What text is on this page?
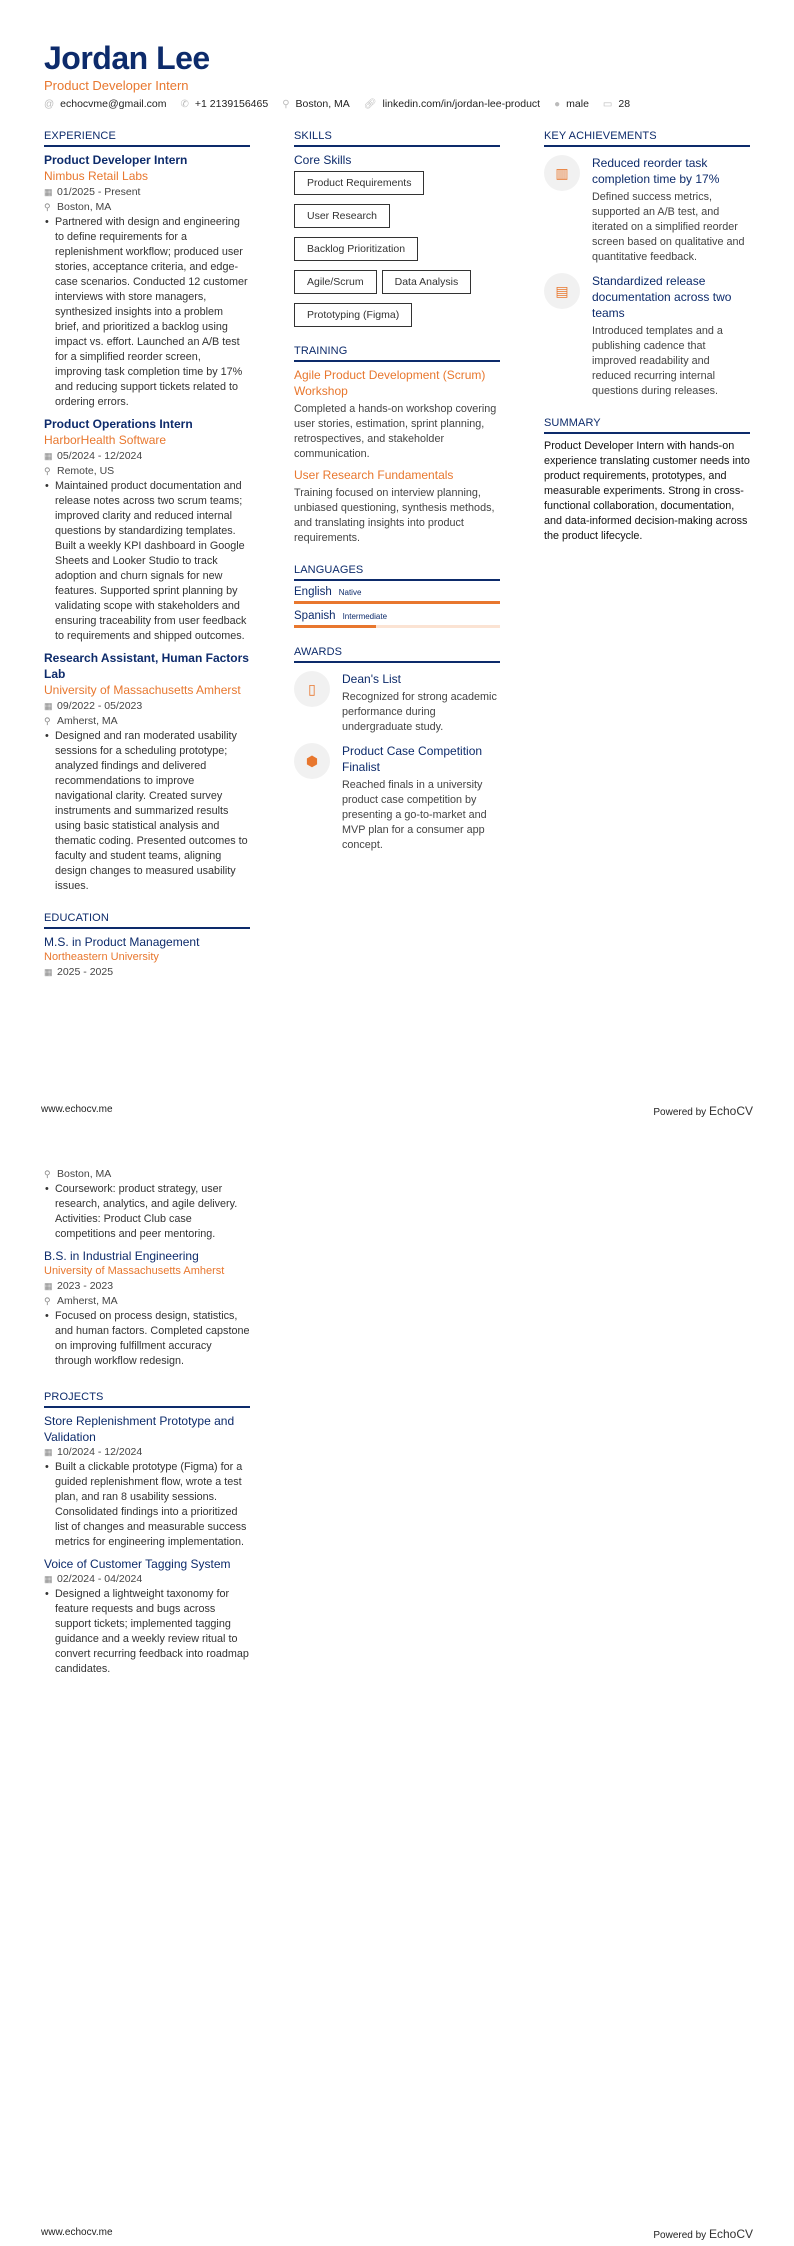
Jordan Lee
Product Developer Intern
@ echocvme@gmail.com ✆ +1 2139156465 ⚲ Boston, MA 🔗︎ linkedin.com/in/jordan-lee-product ● male ▭ 28
EXPERIENCE
Product Developer Intern
Nimbus Retail Labs
▦ 01/2025 - Present
⚲ Boston, MA
• Partnered with design and engineering to define requirements for a replenishment workflow; produced user stories, acceptance criteria, and edge-case scenarios. Conducted 12 customer interviews with store managers, synthesized insights into a problem brief, and prioritized a backlog using impact vs. effort. Launched an A/B test for a simplified reorder screen, improving task completion time by 17% and reducing support tickets related to ordering errors.
Product Operations Intern
HarborHealth Software
▦ 05/2024 - 12/2024
⚲ Remote, US
• Maintained product documentation and release notes across two scrum teams; improved clarity and reduced internal questions by standardizing templates. Built a weekly KPI dashboard in Google Sheets and Looker Studio to track adoption and churn signals for new features. Supported sprint planning by validating scope with stakeholders and ensuring traceability from user feedback to requirements and shipped outcomes.
Research Assistant, Human Factors Lab
University of Massachusetts Amherst
▦ 09/2022 - 05/2023
⚲ Amherst, MA
• Designed and ran moderated usability sessions for a scheduling prototype; analyzed findings and delivered recommendations to improve navigational clarity. Created survey instruments and summarized results using basic statistical analysis and thematic coding. Presented outcomes to faculty and student teams, aligning design changes to measured usability issues.
EDUCATION
M.S. in Product Management
Northeastern University
▦ 2025 - 2025
SKILLS
Core Skills
Product Requirements
User Research
Backlog Prioritization
Agile/Scrum	Data Analysis
Prototyping (Figma)
TRAINING
Agile Product Development (Scrum) Workshop
Completed a hands-on workshop covering user stories, estimation, sprint planning, retrospectives, and stakeholder communication.
User Research Fundamentals
Training focused on interview planning, unbiased questioning, synthesis methods, and translating insights into product requirements.
LANGUAGES
English Native
Spanish Intermediate
AWARDS
▯
Dean's List
Recognized for strong academic performance during undergraduate study.
⬢
Product Case Competition Finalist
Reached finals in a university product case competition by presenting a go-to-market and MVP plan for a consumer app concept.
KEY ACHIEVEMENTS
▥
Reduced reorder task completion time by 17%
Defined success metrics, supported an A/B test, and iterated on a simplified reorder screen based on qualitative and quantitative feedback.
▤
Standardized release documentation across two teams
Introduced templates and a publishing cadence that improved readability and reduced recurring internal questions during releases.
SUMMARY
Product Developer Intern with hands-on experience translating customer needs into product requirements, prototypes, and measurable experiments. Strong in cross-functional collaboration, documentation, and data-informed decision-making across the product lifecycle.
www.echocv.me	Powered by EchoCV
⚲ Boston, MA
• Coursework: product strategy, user research, analytics, and agile delivery. Activities: Product Club case competitions and peer mentoring.
B.S. in Industrial Engineering
University of Massachusetts Amherst
▦ 2023 - 2023
⚲ Amherst, MA
• Focused on process design, statistics, and human factors. Completed capstone on improving fulfillment accuracy through workflow redesign.
PROJECTS
Store Replenishment Prototype and Validation
▦ 10/2024 - 12/2024
• Built a clickable prototype (Figma) for a guided replenishment flow, wrote a test plan, and ran 8 usability sessions. Consolidated findings into a prioritized list of changes and measurable success metrics for engineering implementation.
Voice of Customer Tagging System
▦ 02/2024 - 04/2024
• Designed a lightweight taxonomy for feature requests and bugs across support tickets; implemented tagging guidance and a weekly review ritual to convert recurring feedback into roadmap candidates.
www.echocv.me	Powered by EchoCV
